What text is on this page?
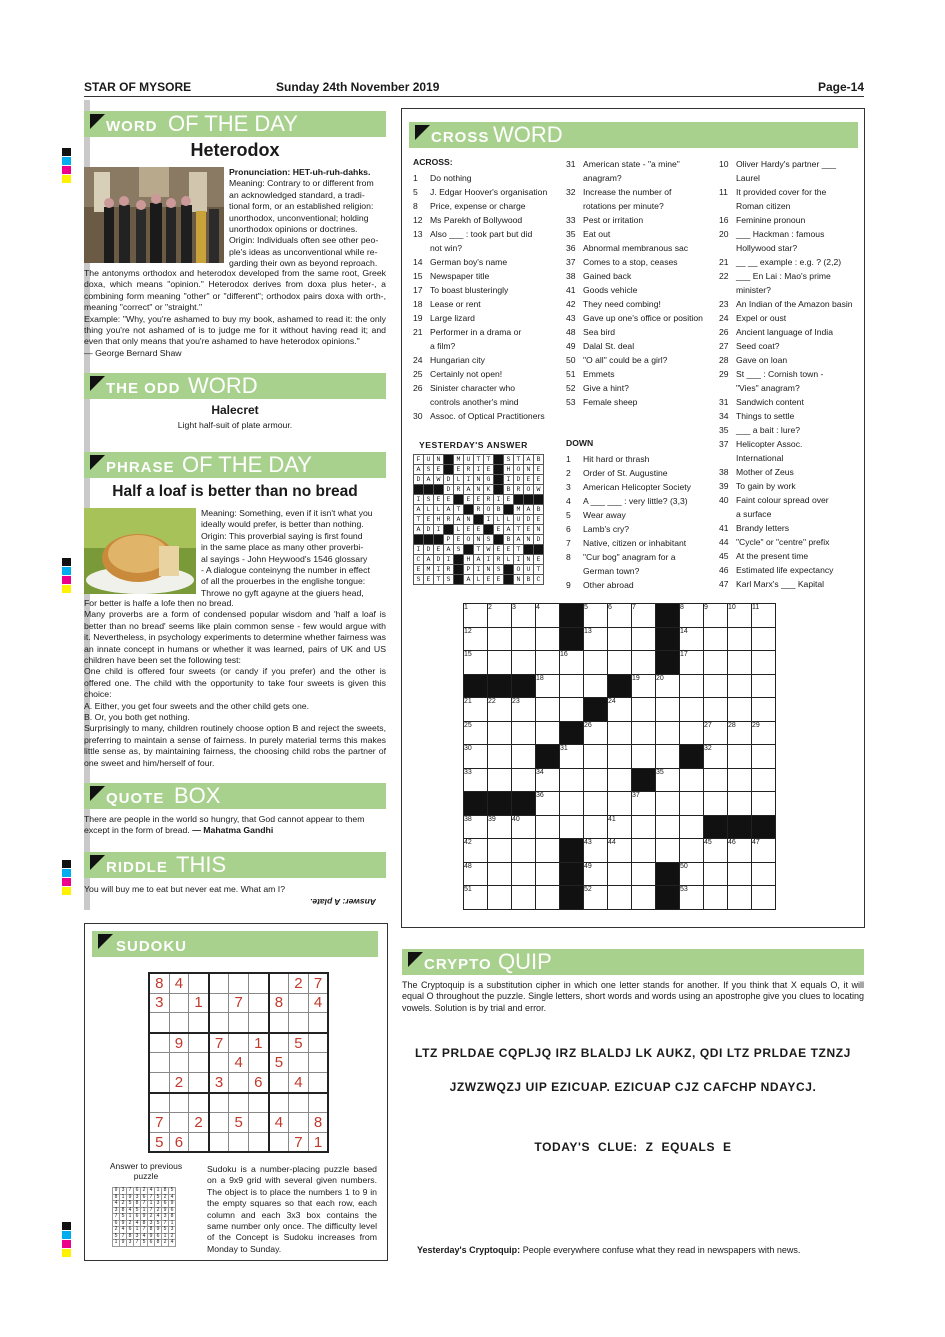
STAR OF MYSORE	Sunday 24th November 2019	Page-14
WORD OF THE DAY
Heterodox
Pronunciation: HET-uh-ruh-dahks.
Meaning: Contrary to or different from
an acknowledged standard, a tradi-
tional form, or an established religion:
unorthodox, unconventional; holding
unorthodox opinions or doctrines.
Origin: Individuals often see other peo-
ple's ideas as unconventional while re-
garding their own as beyond reproach.
The antonyms orthodox and heterodox developed from the same root, Greek doxa, which means "opinion." Heterodox derives from doxa plus heter-, a combining form meaning "other" or "different"; orthodox pairs doxa with orth-, meaning "correct" or "straight."
Example: "Why, you're ashamed to buy my book, ashamed to read it: the only thing you're not ashamed of is to judge me for it without having read it; and even that only means that you're ashamed to have heterodox opinions."
— George Bernard Shaw
THE ODD WORD
Halecret
Light half-suit of plate armour.
PHRASE OF THE DAY
Half a loaf is better than no bread
Meaning: Something, even if it isn't what you
ideally would prefer, is better than nothing.
Origin: This proverbial saying is first found
in the same place as many other proverbi-
al sayings - John Heywood's 1546 glossary
- A dialogue conteinyng the number in effect
of all the prouerbes in the englishe tongue:
Throwe no gyft agayne at the giuers head,
For better is halfe a lofe then no bread.
Many proverbs are a form of condensed popular wisdom and 'half a loaf is better than no bread' seems like plain common sense - few would argue with it. Nevertheless, in psychology experiments to determine whether fairness was an innate concept in humans or whether it was learned, pairs of UK and US children have been set the following test:
One child is offered four sweets (or candy if you prefer) and the other is offered one. The child with the opportunity to take four sweets is given this choice:
A. Either, you get four sweets and the other child gets one.
B. Or, you both get nothing.
Surprisingly to many, children routinely choose option B and reject the sweets, preferring to maintain a sense of fairness. In purely material terms this makes little sense as, by maintaining fairness, the choosing child robs the partner of one sweet and him/herself of four.
QUOTE BOX
There are people in the world so hungry, that God cannot appear to them except in the form of bread. — Mahatma Gandhi
RIDDLE THIS
You will buy me to eat but never eat me. What am I?
Answer: A plate.
CROSS WORD
ACROSS:
1 Do nothing
5 J. Edgar Hoover's organisation
8 Price, expense or charge
12 Ms Parekh of Bollywood
13 Also ___ : took part but did
not win?
14 German boy's name
15 Newspaper title
17 To boast blusteringly
18 Lease or rent
19 Large lizard
21 Performer in a drama or
a film?
24 Hungarian city
25 Certainly not open!
26 Sinister character who
controls another's mind
30 Assoc. of Optical Practitioners
31 American state - "a mine"
anagram?
32 Increase the number of
rotations per minute?
33 Pest or irritation
35 Eat out
36 Abnormal membranous sac
37 Comes to a stop, ceases
38 Gained back
41 Goods vehicle
42 They need combing!
43 Gave up one's office or position
48 Sea bird
49 Dalal St. deal
50 "O all" could be a girl?
51 Emmets
52 Give a hint?
53 Female sheep
DOWN
1 Hit hard or thrash
2 Order of St. Augustine
3 American Helicopter Society
4 A ___ ___ : very little? (3,3)
5 Wear away
6 Lamb's cry?
7 Native, citizen or inhabitant
8 "Cur bog" anagram for a
German town?
9 Other abroad
10 Oliver Hardy's partner ___
Laurel
11 It provided cover for the
Roman citizen
16 Feminine pronoun
20 ___ Hackman : famous
Hollywood star?
21 __ __ example : e.g. ? (2,2)
22 ___ En Lai : Mao's prime
minister?
23 An Indian of the Amazon basin
24 Expel or oust
26 Ancient language of India
27 Seed coat?
28 Gave on loan
29 St ___ : Cornish town -
"Vies" anagram?
31 Sandwich content
34 Things to settle
35 ___ a bait : lure?
37 Helicopter Assoc.
International
38 Mother of Zeus
39 To gain by work
40 Faint colour spread over
a surface
41 Brandy letters
44 "Cycle" or "centre" prefix
45 At the present time
46 Estimated life expectancy
47 Karl Marx's ___ Kapital
YESTERDAY'S ANSWER
F	U	N		M	U	T	T		S	T	A	B
A	S	E		E	R	I	E		H	O	N	E
D	A	W	D	L	I	N	G		I	D	E	E
			D	R	A	N	K		B	R	O	W
I	S	E	E		E	E	R	I	E			
A	L	L	A	T		R	O	B		M	A	B
T	E	H	R	A	N		I	L	L	U	D	E
A	D	I		L	E	E		E	A	T	E	N
			P	E	O	N	S		B	A	N	D
I	D	E	A	S		T	W	E	E	T		
C	A	D	I		H	A	I	R	L	I	N	E
E	M	I	R		P	I	N	S		O	U	T
S	E	T	S		A	L	E	E		N	B	C
1	2	3	4		5	6	7		8	9	10	11
12					13				14			
15				16					17			
			18				19	20				
21	22	23				24						
25					26					27	28	29
30				31						32		
33			34					35				
			36				37					
38	39	40				41						
42					43	44				45	46	47
48					49				50			
51					52				53			
SUDOKU
8	4						2	7
3		1		7		8		4

	9		7		1		5	
				4		5		
	2		3		6		4	

7		2		5		4		8
5	6						7	1
Answer to previous puzzle
9	3	7	6	2	4	1	8	5
8	1	9	3	6	7	5	2	4
4	2	5	8	7	1	3	6	9
3	8	4	5	1	7	2	9	6
7	5	1	6	9	2	4	3	8
6	9	2	4	8	3	5	7	1
2	4	6	1	7	8	9	5	3
5	7	8	3	4	9	6	1	2
1	9	3	7	5	6	8	2	4
Sudoku is a number-placing puzzle based on a 9x9 grid with several given numbers. The object is to place the numbers 1 to 9 in the empty squares so that each row, each column and each 3x3 box contains the same number only once. The difficulty level of the Concept is Sudoku increases from Monday to Sunday.
CRYPTO QUIP
The Cryptoquip is a substitution cipher in which one letter stands for another. If you think that X equals O, it will equal O throughout the puzzle. Single letters, short words and words using an apostrophe give you clues to locating vowels. Solution is by trial and error.
LTZ PRLDAE CQPLJQ IRZ BLALDJ LK AUKZ, QDI LTZ PRLDAE TZNZJ
JZWZWQZJ UIP EZICUAP. EZICUAP CJZ CAFCHP NDAYCJ.
TODAY'S CLUE: Z EQUALS E
Yesterday's Cryptoquip: People everywhere confuse what they read in newspapers with news.
